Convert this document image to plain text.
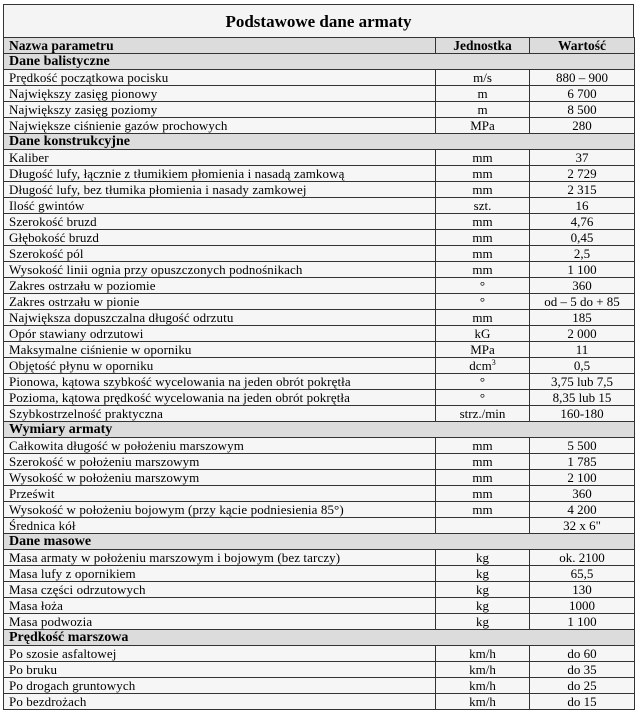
Podstawowe dane armaty
Nazwa parametru	Jednostka	Wartość
Dane balistyczne		
Prędkość początkowa pocisku	m/s	880 – 900
Największy zasięg pionowy	m	6 700
Największy zasięg poziomy	m	8 500
Największe ciśnienie gazów prochowych	MPa	280
Dane konstrukcyjne		
Kaliber	mm	37
Długość lufy, łącznie z tłumikiem płomienia i nasadą zamkową	mm	2 729
Długość lufy, bez tłumika płomienia i nasady zamkowej	mm	2 315
Ilość gwintów	szt.	16
Szerokość bruzd	mm	4,76
Głębokość bruzd	mm	0,45
Szerokość pól	mm	2,5
Wysokość linii ognia przy opuszczonych podnośnikach	mm	1 100
Zakres ostrzału w poziomie	°	360
Zakres ostrzału w pionie	°	od – 5 do + 85
Największa dopuszczalna długość odrzutu	mm	185
Opór stawiany odrzutowi	kG	2 000
Maksymalne ciśnienie w oporniku	MPa	11
Objętość płynu w oporniku	dcm$^3$	0,5
Pionowa, kątowa szybkość wycelowania na jeden obrót pokrętła	°	3,75 lub 7,5
Pozioma, kątowa prędkość wycelowania na jeden obrót pokrętła	°	8,35 lub 15
Szybkostrzelność praktyczna	strz./min	160-180
Wymiary armaty		
Całkowita długość w położeniu marszowym	mm	5 500
Szerokość w położeniu marszowym	mm	1 785
Wysokość w położeniu marszowym	mm	2 100
Prześwit	mm	360
Wysokość w położeniu bojowym (przy kącie podniesienia 85°)	mm	4 200
Średnica kół		32 x 6"
Dane masowe		
Masa armaty w położeniu marszowym i bojowym (bez tarczy)	kg	ok. 2100
Masa lufy z opornikiem	kg	65,5
Masa części odrzutowych	kg	130
Masa łoża	kg	1000
Masa podwozia	kg	1 100
Prędkość marszowa		
Po szosie asfaltowej	km/h	do 60
Po bruku	km/h	do 35
Po drogach gruntowych	km/h	do 25
Po bezdrożach	km/h	do 15
